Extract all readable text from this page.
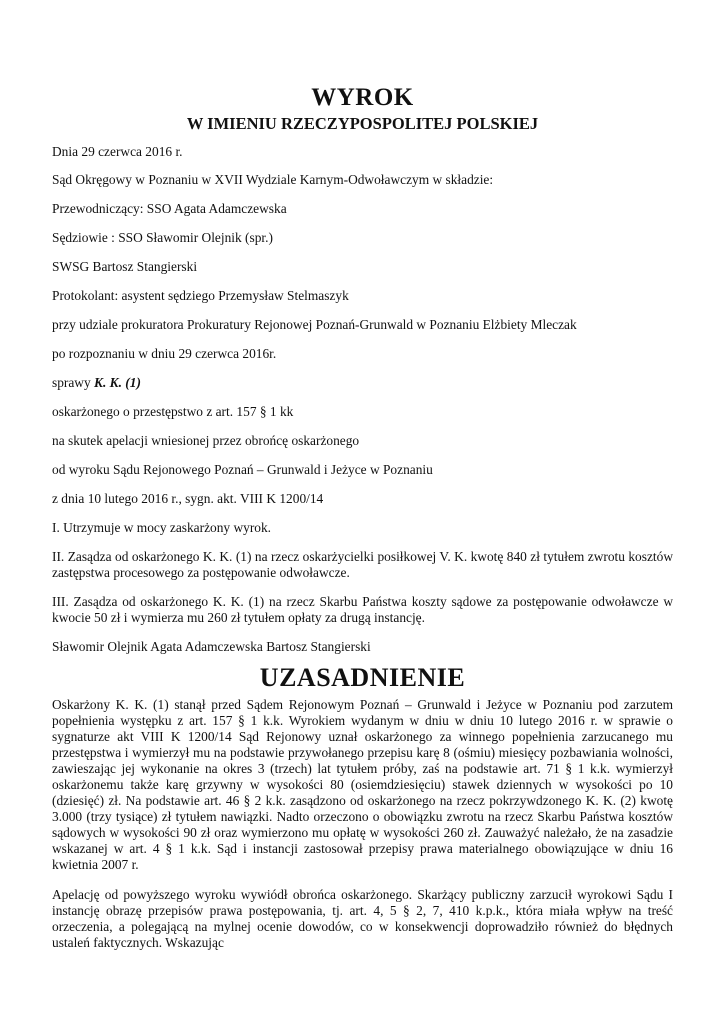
WYROK
W IMIENIU RZECZYPOSPOLITEJ POLSKIEJ

Dnia 29 czerwca 2016 r.

Sąd Okręgowy w Poznaniu w XVII Wydziale Karnym-Odwoławczym w składzie:

Przewodniczący: SSO Agata Adamczewska

Sędziowie : SSO Sławomir Olejnik (spr.)

SWSG Bartosz Stangierski

Protokolant: asystent sędziego Przemysław Stelmaszyk

przy udziale prokuratora Prokuratury Rejonowej Poznań-Grunwald w Poznaniu Elżbiety Mleczak

po rozpoznaniu w dniu 29 czerwca 2016r.

sprawy K. K. (1)

oskarżonego o przestępstwo z art. 157 § 1 kk

na skutek apelacji wniesionej przez obrońcę oskarżonego

od wyroku Sądu Rejonowego Poznań – Grunwald i Jeżyce w Poznaniu

z dnia 10 lutego 2016 r., sygn. akt. VIII K 1200/14

I. Utrzymuje w mocy zaskarżony wyrok.

II. Zasądza od oskarżonego K. K. (1) na rzecz oskarżycielki posiłkowej V. K. kwotę 840 zł tytułem zwrotu kosztów zastępstwa procesowego za postępowanie odwoławcze.

III. Zasądza od oskarżonego K. K. (1) na rzecz Skarbu Państwa koszty sądowe za postępowanie odwoławcze w kwocie 50 zł i wymierza mu 260 zł tytułem opłaty za drugą instancję.

Sławomir Olejnik Agata Adamczewska Bartosz Stangierski

UZASADNIENIE

Oskarżony K. K. (1) stanął przed Sądem Rejonowym Poznań – Grunwald i Jeżyce w Poznaniu pod zarzutem popełnienia występku z art. 157 § 1 k.k. Wyrokiem wydanym w dniu w dniu 10 lutego 2016 r. w sprawie o sygnaturze akt VIII K 1200/14 Sąd Rejonowy uznał oskarżonego za winnego popełnienia zarzucanego mu przestępstwa i wymierzył mu na podstawie przywołanego przepisu karę 8 (ośmiu) miesięcy pozbawiania wolności, zawieszając jej wykonanie na okres 3 (trzech) lat tytułem próby, zaś na podstawie art. 71 § 1 k.k. wymierzył oskarżonemu także karę grzywny w wysokości 80 (osiemdziesięciu) stawek dziennych w wysokości po 10 (dziesięć) zł. Na podstawie art. 46 § 2 k.k. zasądzono od oskarżonego na rzecz pokrzywdzonego K. K. (2) kwotę 3.000 (trzy tysiące) zł tytułem nawiązki. Nadto orzeczono o obowiązku zwrotu na rzecz Skarbu Państwa kosztów sądowych w wysokości 90 zł oraz wymierzono mu opłatę w wysokości 260 zł. Zauważyć należało, że na zasadzie wskazanej w art. 4 § 1 k.k. Sąd i instancji zastosował przepisy prawa materialnego obowiązujące w dniu 16 kwietnia 2007 r.

Apelację od powyższego wyroku wywiódł obrońca oskarżonego. Skarżący publiczny zarzucił wyrokowi Sądu I instancję obrazę przepisów prawa postępowania, tj. art. 4, 5 § 2, 7, 410 k.p.k., która miała wpływ na treść orzeczenia, a polegającą na mylnej ocenie dowodów, co w konsekwencji doprowadziło również do błędnych ustaleń faktycznych. Wskazując
